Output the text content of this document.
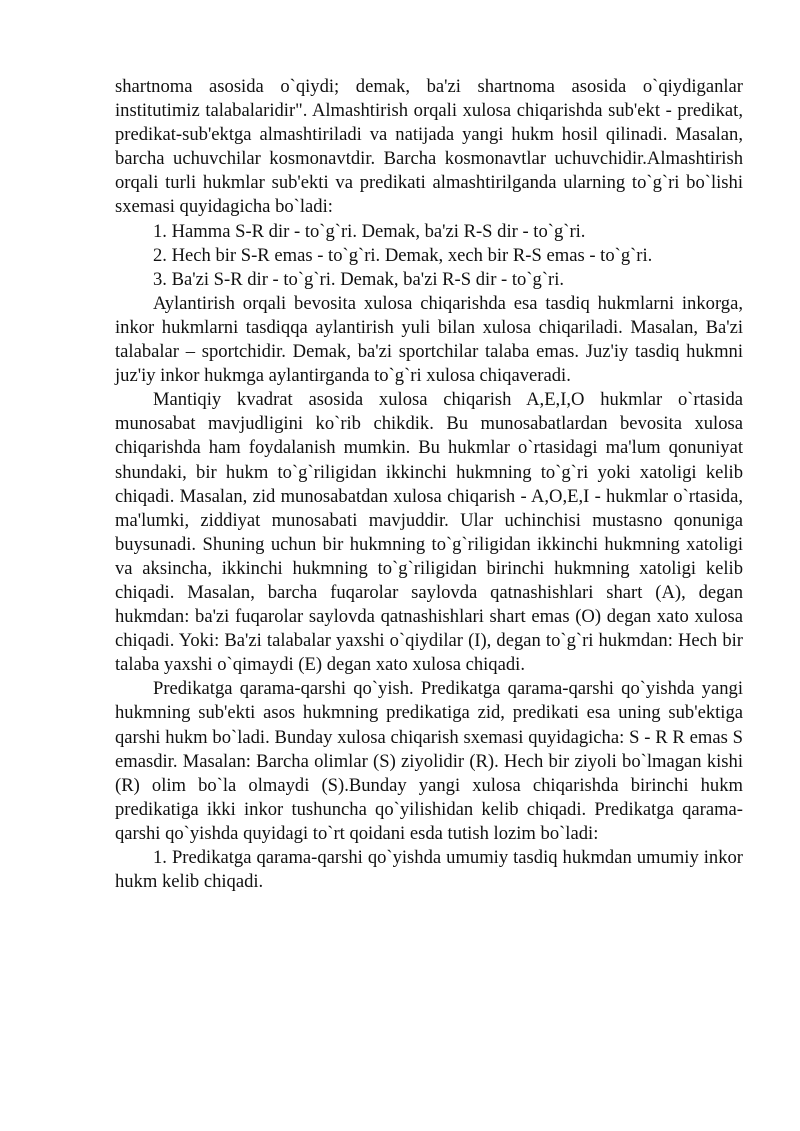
shartnoma asosida o`qiydi; demak, ba'zi shartnoma asosida o`qiydiganlar institutimiz talabalaridir". Almashtirish orqali xulosa chiqarishda sub'ekt - predikat, predikat-sub'ektga almashtiriladi va natijada yangi hukm hosil qilinadi. Masalan, barcha uchuvchilar kosmonavtdir. Barcha kosmonavtlar uchuvchidir.Almashtirish orqali turli hukmlar sub'ekti va predikati almashtirilganda ularning to`g`ri bo`lishi sxemasi quyidagicha bo`ladi:

1. Hamma S-R dir - to`g`ri. Demak, ba'zi R-S dir - to`g`ri.

2. Hech bir S-R emas - to`g`ri. Demak, xech bir R-S emas - to`g`ri.

3. Ba'zi S-R dir - to`g`ri. Demak, ba'zi R-S dir - to`g`ri.

Aylantirish orqali bevosita xulosa chiqarishda esa tasdiq hukmlarni inkorga, inkor hukmlarni tasdiqqa aylantirish yuli bilan xulosa chiqariladi. Masalan, Ba'zi talabalar – sportchidir. Demak, ba'zi sportchilar talaba emas. Juz'iy tasdiq hukmni juz'iy inkor hukmga aylantirganda to`g`ri xulosa chiqaveradi.

Mantiqiy kvadrat asosida xulosa chiqarish A,E,I,O hukmlar o`rtasida munosabat mavjudligini ko`rib chikdik. Bu munosabatlardan bevosita xulosa chiqarishda ham foydalanish mumkin. Bu hukmlar o`rtasidagi ma'lum qonuniyat shundaki, bir hukm to`g`riligidan ikkinchi hukmning to`g`ri yoki xatoligi kelib chiqadi. Masalan, zid munosabatdan xulosa chiqarish - A,O,E,I - hukmlar o`rtasida, ma'lumki, ziddiyat munosabati mavjuddir. Ular uchinchisi mustasno qonuniga buysunadi. Shuning uchun bir hukmning to`g`riligidan ikkinchi hukmning xatoligi va aksincha, ikkinchi hukmning to`g`riligidan birinchi hukmning xatoligi kelib chiqadi. Masalan, barcha fuqarolar saylovda qatnashishlari shart (A), degan hukmdan: ba'zi fuqarolar saylovda qatnashishlari shart emas (O) degan xato xulosa chiqadi. Yoki: Ba'zi talabalar yaxshi o`qiydilar (I), degan to`g`ri hukmdan: Hech bir talaba yaxshi o`qimaydi (E) degan xato xulosa chiqadi.

Predikatga qarama-qarshi qo`yish. Predikatga qarama-qarshi qo`yishda yangi hukmning sub'ekti asos hukmning predikatiga zid, predikati esa uning sub'ektiga qarshi hukm bo`ladi. Bunday xulosa chiqarish sxemasi quyidagicha: S - R R emas S emasdir. Masalan: Barcha olimlar (S) ziyolidir (R). Hech bir ziyoli bo`lmagan kishi (R) olim bo`la olmaydi (S).Bunday yangi xulosa chiqarishda birinchi hukm predikatiga ikki inkor tushuncha qo`yilishidan kelib chiqadi. Predikatga qarama-qarshi qo`yishda quyidagi to`rt qoidani esda tutish lozim bo`ladi:

1. Predikatga qarama-qarshi qo`yishda umumiy tasdiq hukmdan umumiy inkor hukm kelib chiqadi.
